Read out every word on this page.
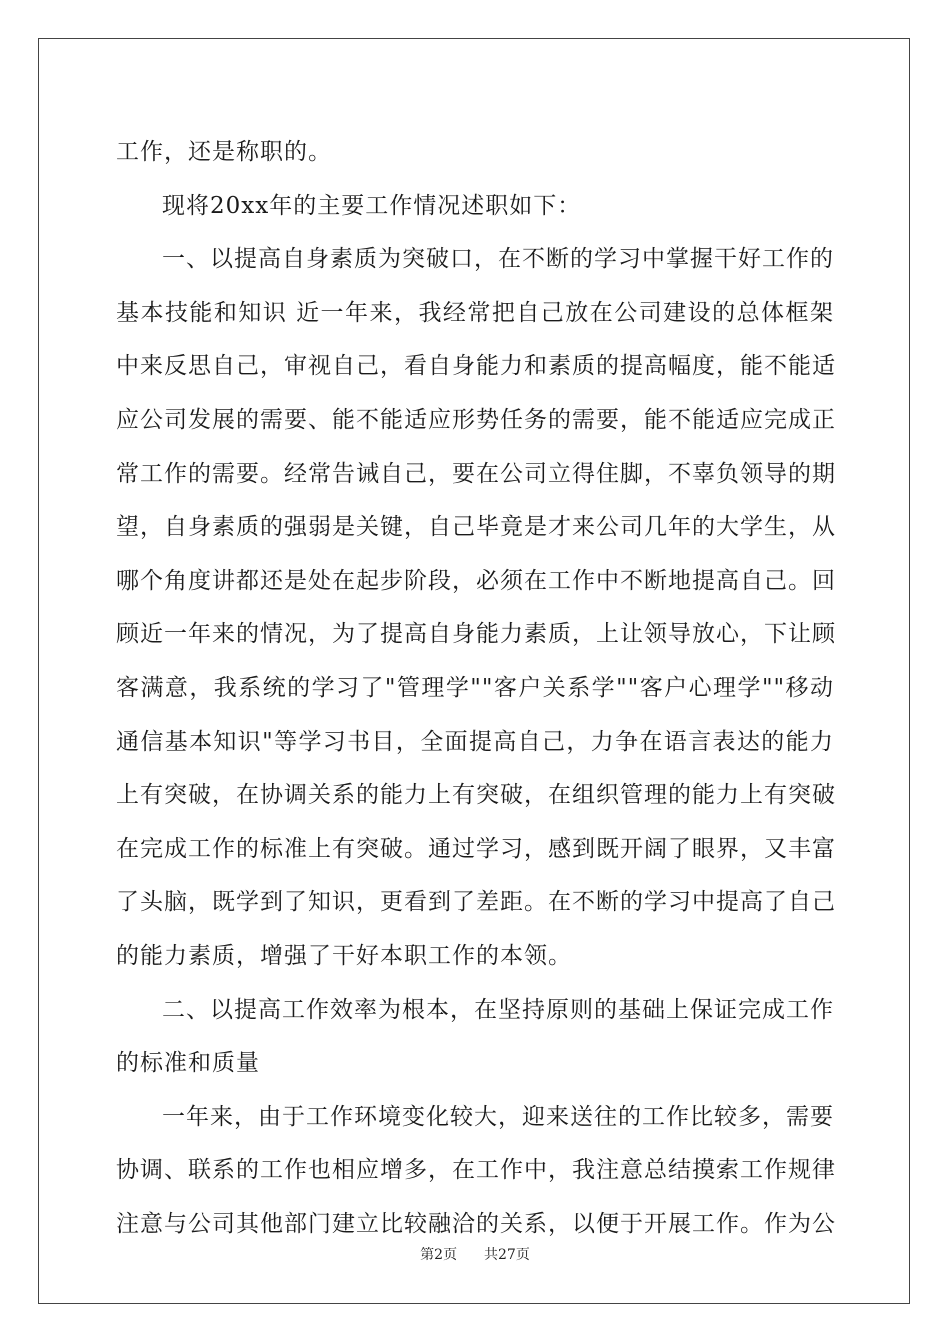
工作，还是称职的。
现将20xx年的主要工作情况述职如下：
一、以提高自身素质为突破口，在不断的学习中掌握干好工作的
基本技能和知识 近一年来，我经常把自己放在公司建设的总体框架
中来反思自己，审视自己，看自身能力和素质的提高幅度，能不能适
应公司发展的需要、能不能适应形势任务的需要，能不能适应完成正
常工作的需要。经常告诫自己，要在公司立得住脚，不辜负领导的期
望，自身素质的强弱是关键，自己毕竟是才来公司几年的大学生，从
哪个角度讲都还是处在起步阶段，必须在工作中不断地提高自己。回
顾近一年来的情况，为了提高自身能力素质，上让领导放心，下让顾
客满意，我系统的学习了"管理学""客户关系学""客户心理学""移动
通信基本知识"等学习书目，全面提高自己，力争在语言表达的能力
上有突破，在协调关系的能力上有突破，在组织管理的能力上有突破
在完成工作的标准上有突破。通过学习，感到既开阔了眼界，又丰富
了头脑，既学到了知识，更看到了差距。在不断的学习中提高了自己
的能力素质，增强了干好本职工作的本领。
二、以提高工作效率为根本，在坚持原则的基础上保证完成工作
的标准和质量
一年来，由于工作环境变化较大，迎来送往的工作比较多，需要
协调、联系的工作也相应增多，在工作中，我注意总结摸索工作规律
注意与公司其他部门建立比较融洽的关系，以便于开展工作。作为公
第2页 共27页
